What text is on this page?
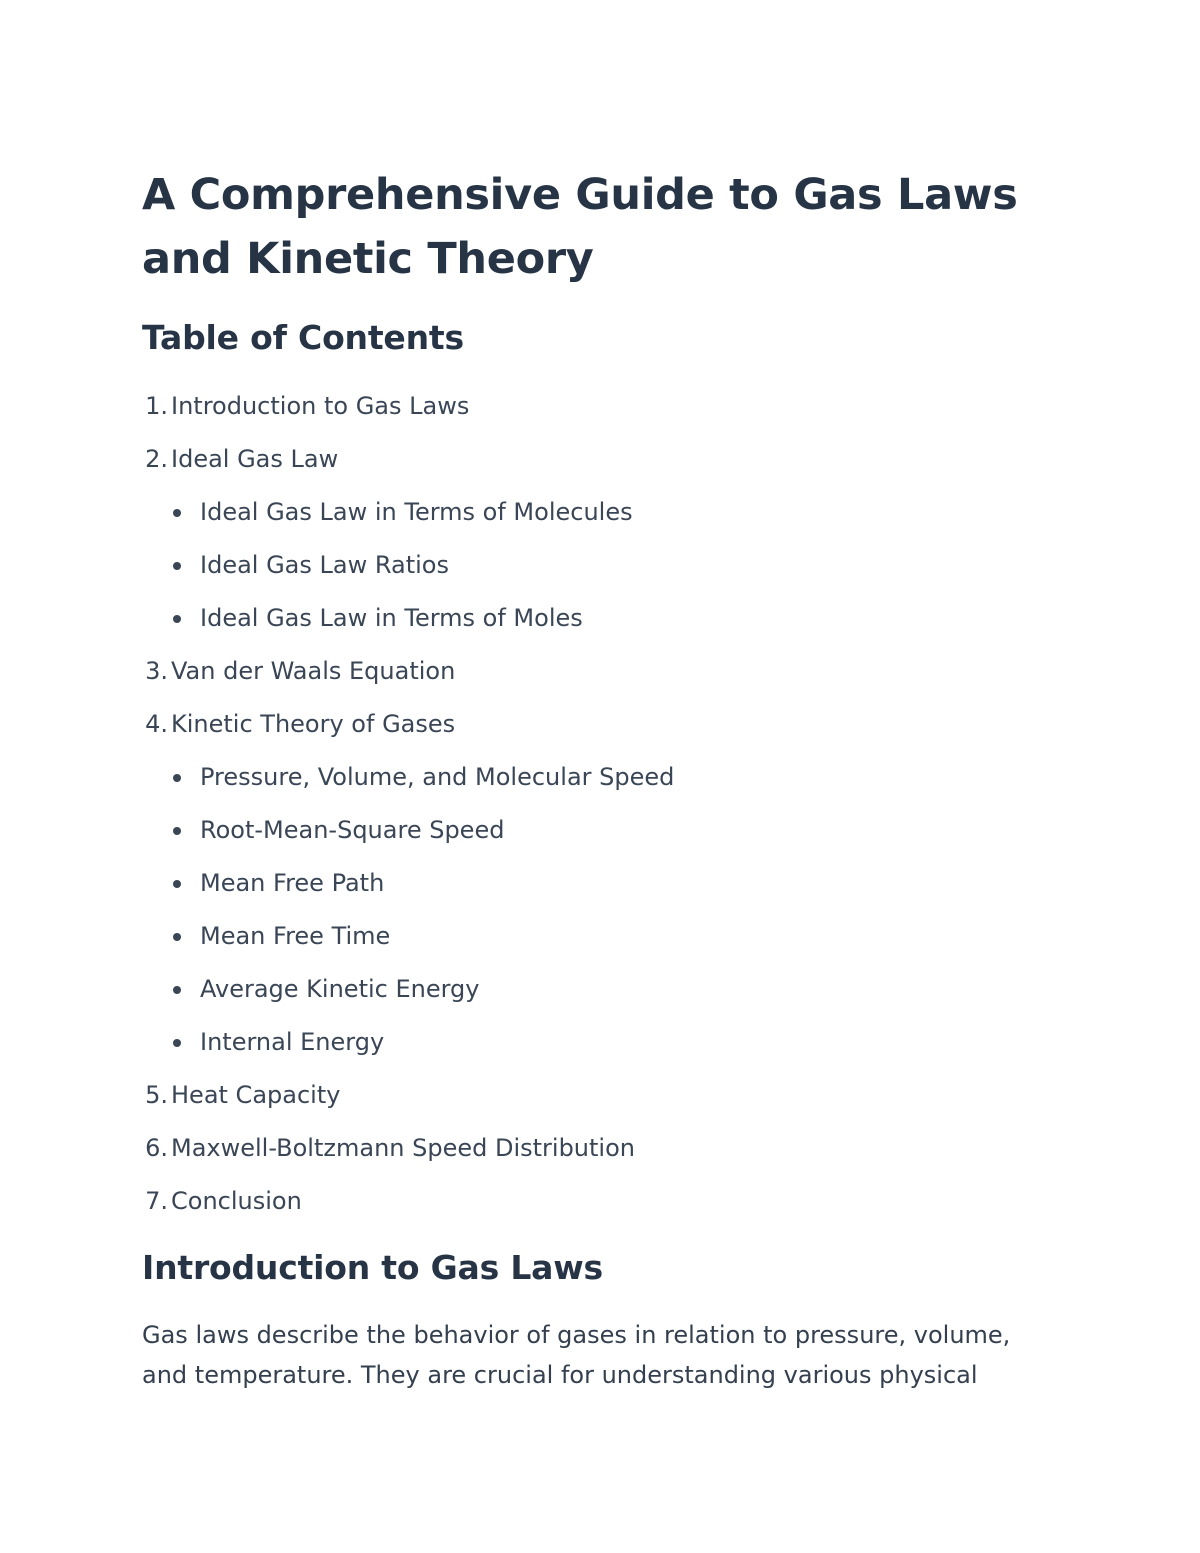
A Comprehensive Guide to Gas Laws and Kinetic Theory
Table of Contents
1. Introduction to Gas Laws
2. Ideal Gas Law
Ideal Gas Law in Terms of Molecules
Ideal Gas Law Ratios
Ideal Gas Law in Terms of Moles
3. Van der Waals Equation
4. Kinetic Theory of Gases
Pressure, Volume, and Molecular Speed
Root-Mean-Square Speed
Mean Free Path
Mean Free Time
Average Kinetic Energy
Internal Energy
5. Heat Capacity
6. Maxwell-Boltzmann Speed Distribution
7. Conclusion
Introduction to Gas Laws

Gas laws describe the behavior of gases in relation to pressure, volume, and temperature. They are crucial for understanding various physical
